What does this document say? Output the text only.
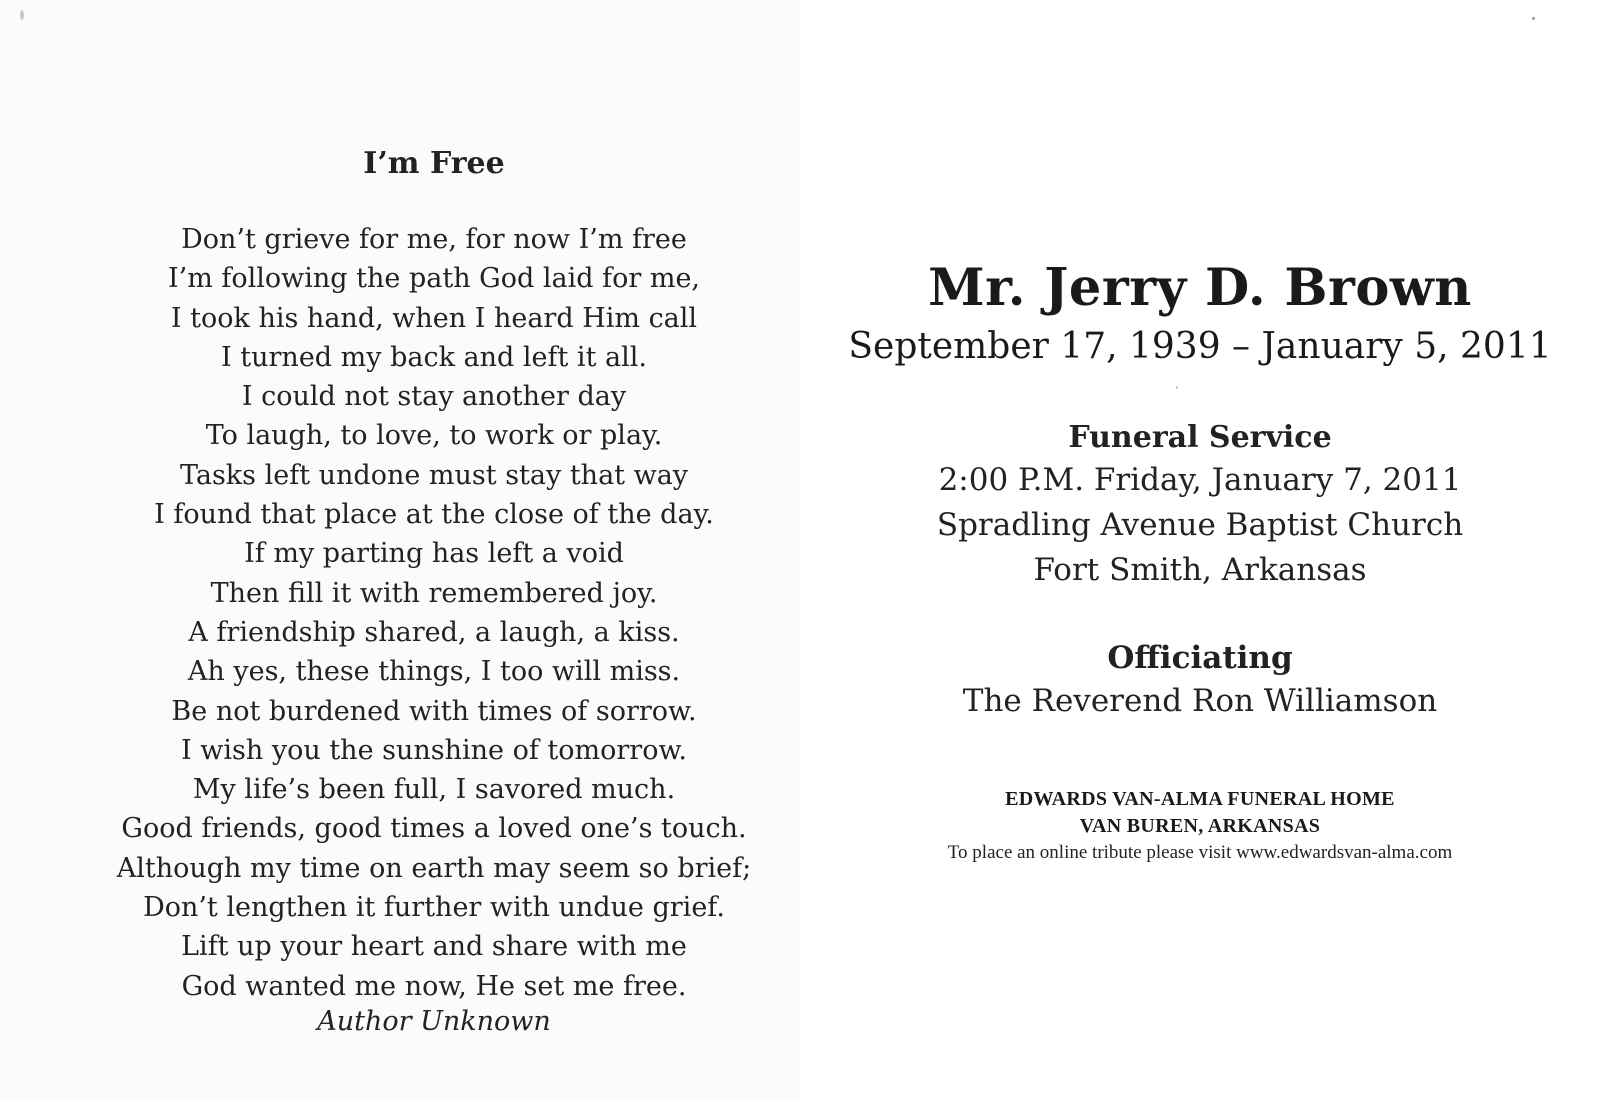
I’m Free
Don’t grieve for me, for now I’m free
I’m following the path God laid for me,
I took his hand, when I heard Him call
I turned my back and left it all.
I could not stay another day
To laugh, to love, to work or play.
Tasks left undone must stay that way
I found that place at the close of the day.
If my parting has left a void
Then fill it with remembered joy.
A friendship shared, a laugh, a kiss.
Ah yes, these things, I too will miss.
Be not burdened with times of sorrow.
I wish you the sunshine of tomorrow.
My life’s been full, I savored much.
Good friends, good times a loved one’s touch.
Although my time on earth may seem so brief;
Don’t lengthen it further with undue grief.
Lift up your heart and share with me
God wanted me now, He set me free.
Author Unknown
Mr. Jerry D. Brown
September 17, 1939 – January 5, 2011
Funeral Service
2:00 P.M. Friday, January 7, 2011
Spradling Avenue Baptist Church
Fort Smith, Arkansas
Officiating
The Reverend Ron Williamson
EDWARDS VAN-ALMA FUNERAL HOME
VAN BUREN, ARKANSAS
To place an online tribute please visit www.edwardsvan-alma.com
